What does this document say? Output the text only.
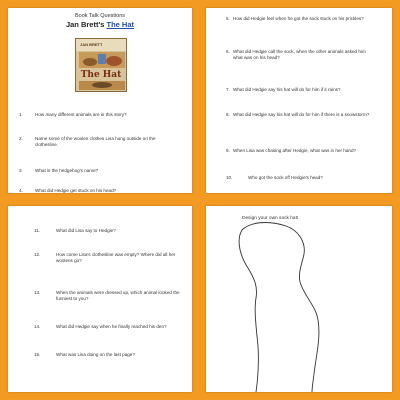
Book Talk Questions
Jan Brett's The Hat
JAN BRETT
The Hat
1.	How many different animals are in this story?
2.	Name some of the woolen clothes Lisa hung outside on the clothesline.
3.	What is the hedgehog's name?
4.	What did Hedgie get stuck on his head?
5. How did Hedgie feel when he got the sock stuck on his prickles?
6. What did Hedgie call the sock, when the other animals asked him what was on his head?
7. What did Hedgie say his hat will do for him if it rains?
8. What did Hedgie say his hat will do for him if there is a snowstorm?
9. When Lisa was chasing after Hedgie, what was in her hand?
10.	Who got the sock off Hedgie's head?
11.	What did Lisa say to Hedgie?
12.	How come Lisa's clothesline was empty? Where did all her woolens go?
13.	When the animals were dressed up, which animal looked the funniest to you?
14.	What did Hedgie say when he finally reached his den?
15.	What was Lisa doing on the last page?
Design your own sock hat!
